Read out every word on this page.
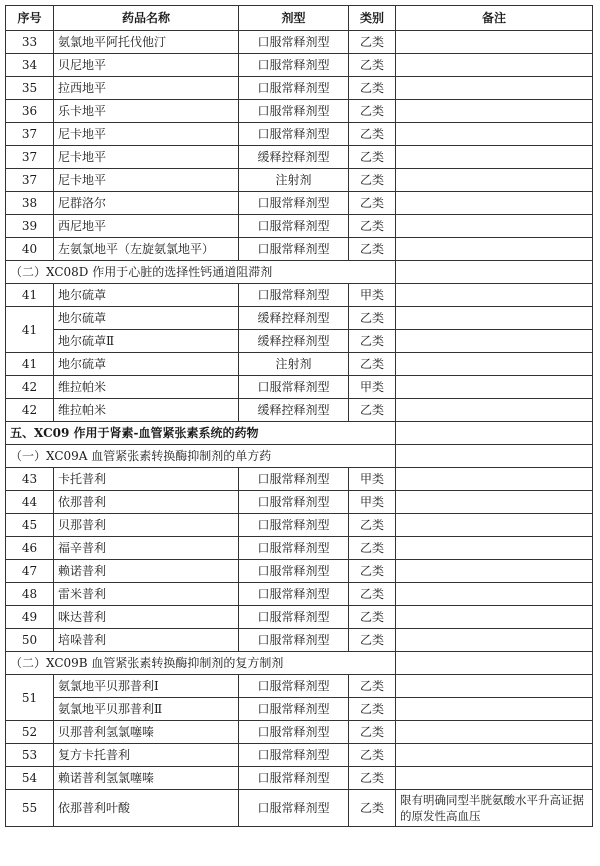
序号	药品名称	剂型	类别	备注
33	氨氯地平阿托伐他汀	口服常释剂型	乙类	
34	贝尼地平	口服常释剂型	乙类	
35	拉西地平	口服常释剂型	乙类	
36	乐卡地平	口服常释剂型	乙类	
37	尼卡地平	口服常释剂型	乙类	
37	尼卡地平	缓释控释剂型	乙类	
37	尼卡地平	注射剂	乙类	
38	尼群洛尔	口服常释剂型	乙类	
39	西尼地平	口服常释剂型	乙类	
40	左氨氯地平（左旋氨氯地平）	口服常释剂型	乙类	
（二）XC08D 作用于心脏的选择性钙通道阻滞剂				
41	地尔硫䓬	口服常释剂型	甲类	
41	地尔硫䓬	缓释控释剂型	乙类	
	地尔硫䓬Ⅱ	缓释控释剂型	乙类	
41	地尔硫䓬	注射剂	乙类	
42	维拉帕米	口服常释剂型	甲类	
42	维拉帕米	缓释控释剂型	乙类	
五、XC09 作用于肾素-血管紧张素系统的药物				
（一）XC09A 血管紧张素转换酶抑制剂的单方药				
43	卡托普利	口服常释剂型	甲类	
44	依那普利	口服常释剂型	甲类	
45	贝那普利	口服常释剂型	乙类	
46	福辛普利	口服常释剂型	乙类	
47	赖诺普利	口服常释剂型	乙类	
48	雷米普利	口服常释剂型	乙类	
49	咪达普利	口服常释剂型	乙类	
50	培哚普利	口服常释剂型	乙类	
（二）XC09B 血管紧张素转换酶抑制剂的复方制剂				
51	氨氯地平贝那普利Ⅰ	口服常释剂型	乙类	
	氨氯地平贝那普利Ⅱ	口服常释剂型	乙类	
52	贝那普利氢氯噻嗪	口服常释剂型	乙类	
53	复方卡托普利	口服常释剂型	乙类	
54	赖诺普利氢氯噻嗪	口服常释剂型	乙类	
55	依那普利叶酸	口服常释剂型	乙类	限有明确同型半胱氨酸水平升高证据的原发性高血压
